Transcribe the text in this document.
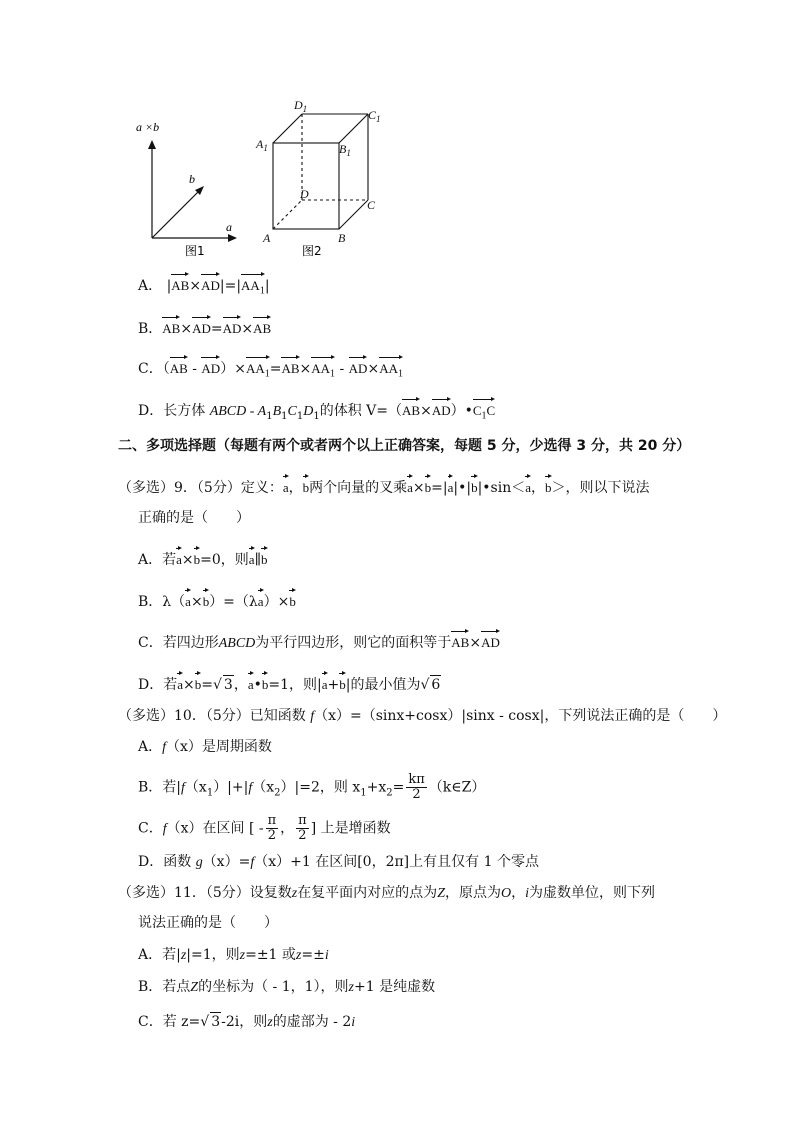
a ×b
b
a
图1
$D_1$	$C_1$
$A_1$	$B_1$
D
C
A	B
图2
A． $|AB\times AD|=|AA_1|$
B．AB×AD=AD×AB
C．$(AB - AD)\times AA_1=AB\times AA_1 - AD\times AA_1$
D．长方体 ABCD - $A_1B_1C_1D_1$的体积 $V=(AB\times AD)•C_1C$
二、多项选择题（每题有两个或者两个以上正确答案，每题 5 分，少选得 3 分，共 20 分）
（多选）9．（5分）定义：a，b两个向量的叉乘a×b=|a|•|b|•sin＜a，b＞，则以下说法
正确的是（　　）
A．若a×b=0，则a∥b
B．λ（a×b）=（λa）×b
C．若四边形ABCD为平行四边形，则它的面积等于AB×AD
D．若a×b=√ 3，a•b=1，则|a+b|的最小值为√ 6
（多选）10．（5分）已知函数 f（x）=（sinx+cosx）|sinx - cosx|，下列说法正确的是（　　）
A．f（x）是周期函数
B．若$|f(x_1)|+|f(x_2)|=2$，则 $x_1+x_2= \frac{k\pi}{2}$ （k∈Z）
C．f（x）在区间 [ - $\frac{\pi}{2}$ ， $\frac{\pi}{2}$ ] 上是增函数
D．函数 g（x）=f（x）+1 在区间[0，2π]上有且仅有 1 个零点
（多选）11．（5分）设复数z在复平面内对应的点为Z，原点为O，i为虚数单位，则下列
说法正确的是（　　）
A．若|z|=1，则z=±1 或z=±i
B．若点Z的坐标为（ - 1，1），则z+1 是纯虚数
C．若 z=√ 3-2i，则z的虚部为 - 2i
